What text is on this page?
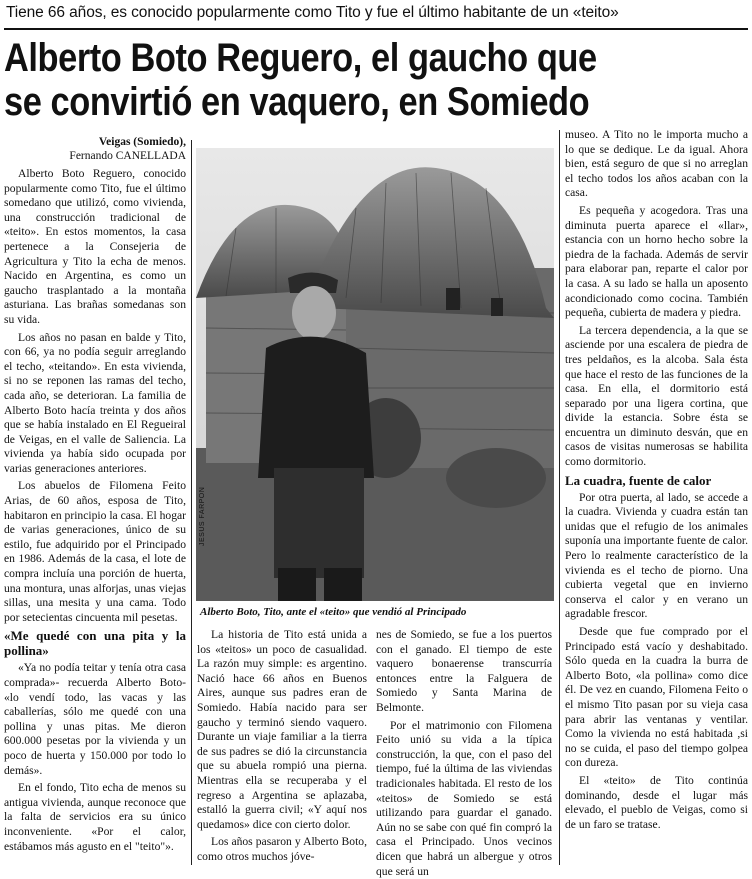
Tiene 66 años, es conocido popularmente como Tito y fue el último habitante de un «teito»
Alberto Boto Reguero, el gaucho que
se convirtió en vaquero, en Somiedo
Veigas (Somiedo),
Fernando CANELLADA

Alberto Boto Reguero, conocido popularmente como Tito, fue el último somedano que utilizó, como vivienda, una construcción tradicional de «teito». En estos momentos, la casa pertenece a la Consejeria de Agricultura y Tito la echa de menos. Nacido en Argentina, es como un gaucho trasplantado a la montaña asturiana. Las brañas somedanas son su vida.

Los años no pasan en balde y Tito, con 66, ya no podía seguir arreglando el techo, «teitando». En esta vivienda, si no se reponen las ramas del techo, cada año, se deterioran. La familia de Alberto Boto hacía treinta y dos años que se había instalado en El Regueiral de Veigas, en el valle de Saliencia. La vivienda ya había sido ocupada por varias generaciones anteriores.

Los abuelos de Filomena Feito Arias, de 60 años, esposa de Tito, habitaron en principio la casa. El hogar de varias generaciones, único de su estilo, fue adquirido por el Principado en 1986. Además de la casa, el lote de compra incluía una porción de huerta, una montura, unas alforjas, unas viejas sillas, una mesita y una cama. Todo por setecientas cincuenta mil pesetas.

«Me quedé con una pita y la pollina»

«Ya no podía teitar y tenía otra casa comprada»- recuerda Alberto Boto- «lo vendí todo, las vacas y las caballerías, sólo me quedé con una pollina y unas pitas. Me dieron 600.000 pesetas por la vivienda y un poco de huerta y 150.000 por todo lo demás».

En el fondo, Tito echa de menos su antigua vivienda, aunque reconoce que la falta de servicios era su único inconveniente. «Por el calor, estábamos más agusto en el "teito"».

JESUS FARPON
Alberto Boto, Tito, ante el «teito» que vendió al Principado

La historia de Tito está unida a los «teitos» un poco de casualidad. La razón muy simple: es argentino. Nació hace 66 años en Buenos Aires, aunque sus padres eran de Somiedo. Había nacido para ser gaucho y terminó siendo vaquero. Durante un viaje familiar a la tierra de sus padres se dió la circunstancia que su abuela rompió una pierna. Mientras ella se recuperaba y el regreso a Argentina se aplazaba, estalló la guerra civil; «Y aquí nos quedamos» dice con cierto dolor.

Los años pasaron y Alberto Boto, como otros muchos jóve-

nes de Somiedo, se fue a los puertos con el ganado. El tiempo de este vaquero bonaerense transcurría entonces entre la Falguera de Somiedo y Santa Marina de Belmonte.

Por el matrimonio con Filomena Feito unió su vida a la típica construcción, la que, con el paso del tiempo, fué la última de las viviendas tradicionales habitada. El resto de los «teitos» de Somiedo se está utilizando para guardar el ganado. Aún no se sabe con qué fin compró la casa el Principado. Unos vecinos dicen que habrá un albergue y otros que será un

museo. A Tito no le importa mucho a lo que se dedique. Le da igual. Ahora bien, está seguro de que si no arreglan el techo todos los años acaban con la casa.

Es pequeña y acogedora. Tras una diminuta puerta aparece el «llar», estancia con un horno hecho sobre la piedra de la fachada. Además de servir para elaborar pan, reparte el calor por la casa. A su lado se halla un aposento acondicionado como cocina. También pequeña, cubierta de madera y piedra.

La tercera dependencia, a la que se asciende por una escalera de piedra de tres peldaños, es la alcoba. Sala ésta que hace el resto de las funciones de la casa. En ella, el dormitorio está separado por una ligera cortina, que divide la estancia. Sobre ésta se encuentra un diminuto desván, que en casos de visitas numerosas se habilita como dormitorio.

La cuadra, fuente de calor

Por otra puerta, al lado, se accede a la cuadra. Vivienda y cuadra están tan unidas que el refugio de los animales suponía una importante fuente de calor. Pero lo realmente característico de la vivienda es el techo de piorno. Una cubierta vegetal que en invierno conserva el calor y en verano un agradable frescor.

Desde que fue comprado por el Principado está vacío y deshabitado. Sólo queda en la cuadra la burra de Alberto Boto, «la pollina» como dice él. De vez en cuando, Filomena Feito o el mismo Tito pasan por su vieja casa para abrir las ventanas y ventilar. Como la vivienda no está habitada ,si no se cuida, el paso del tiempo golpea con durezа.

El «teito» de Tito continúa dominando, desde el lugar más elevado, el pueblo de Veigas, como si de un faro se tratase.
